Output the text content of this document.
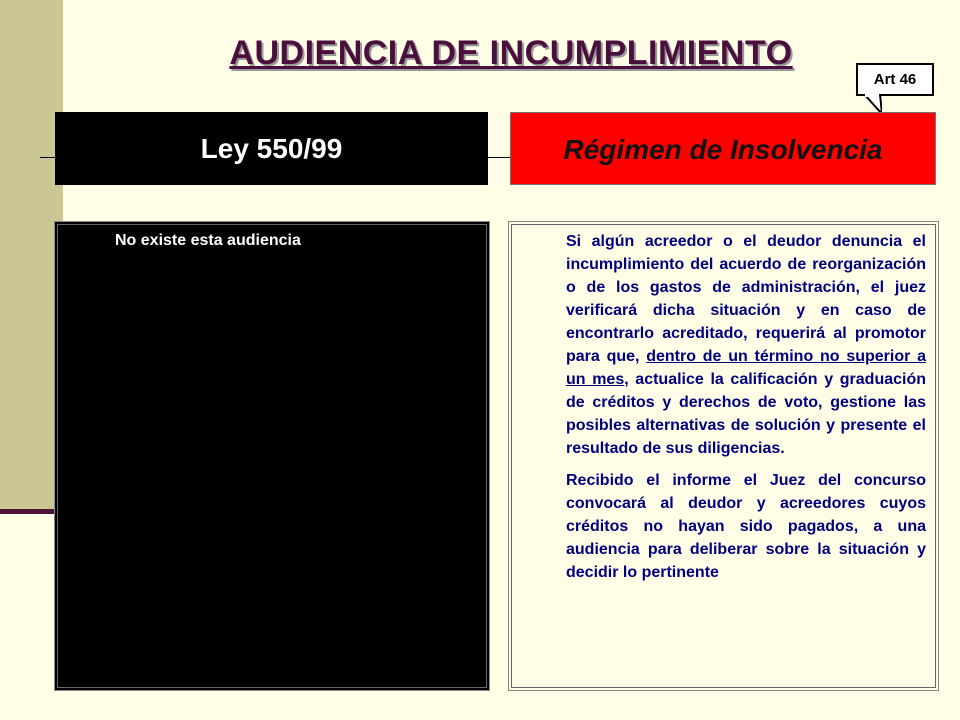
AUDIENCIA DE INCUMPLIMIENTO
Art 46
Ley 550/99	Régimen de Insolvencia
No existe esta audiencia	Si algún acreedor o el deudor denuncia el incumplimiento del acuerdo de reorganización o de los gastos de administración, el juez verificará dicha situación y en caso de encontrarlo acreditado, requerirá al promotor para que, dentro de un término no superior a un mes, actualice la calificación y graduación de créditos y derechos de voto, gestione las posibles alternativas de solución y presente el resultado de sus diligencias.

Recibido el informe el Juez del concurso convocará al deudor y acreedores cuyos créditos no hayan sido pagados, a una audiencia para deliberar sobre la situación y decidir lo pertinente
